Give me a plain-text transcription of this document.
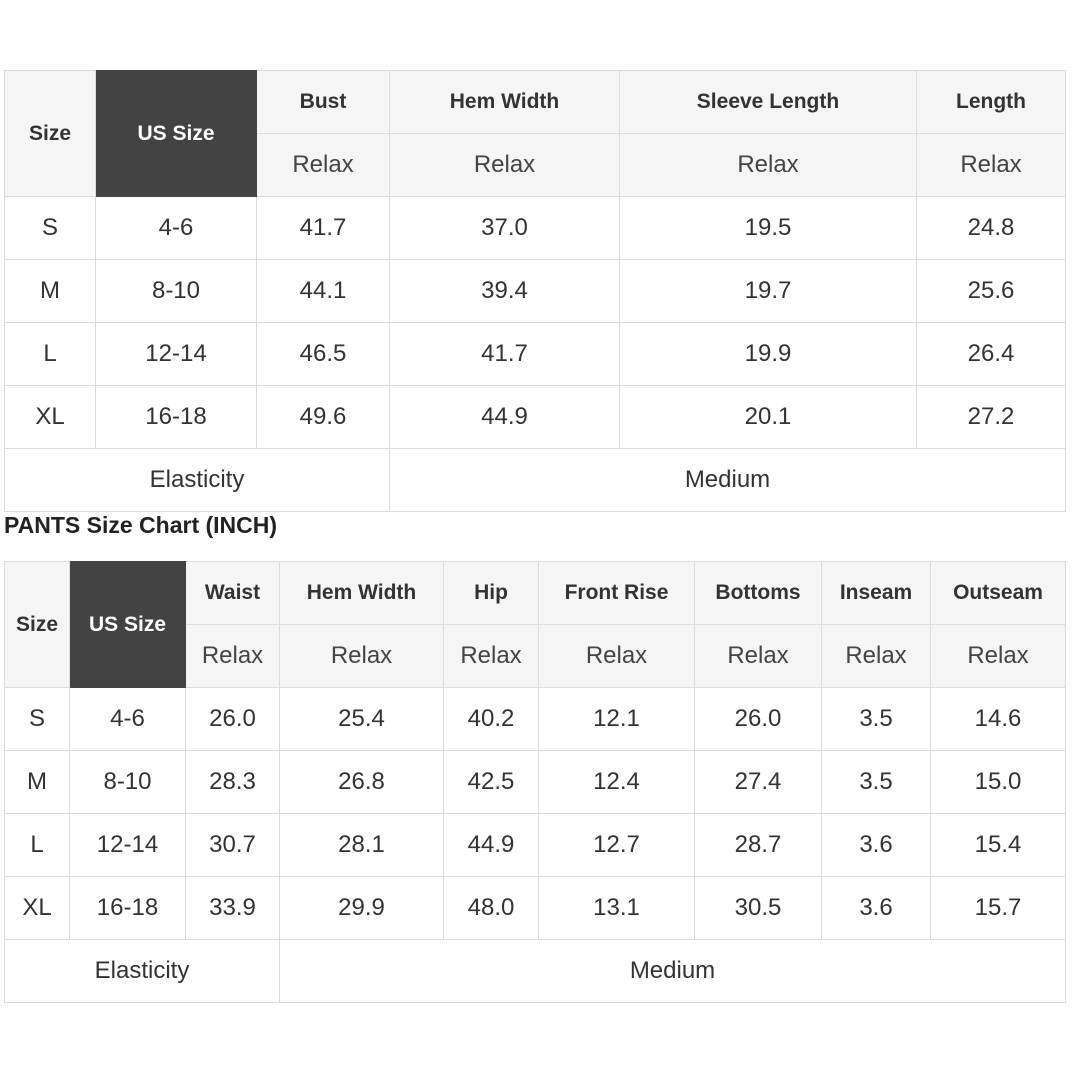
Size	US Size	Bust	Hem Width	Sleeve Length	Length
		Relax	Relax	Relax	Relax
S	4-6	41.7	37.0	19.5	24.8
M	8-10	44.1	39.4	19.7	25.6
L	12-14	46.5	41.7	19.9	26.4
XL	16-18	49.6	44.9	20.1	27.2
Elasticity			Medium		
PANTS Size Chart (INCH)
Size	US Size	Waist	Hem Width	Hip	Front Rise	Bottoms	Inseam	Outseam
		Relax	Relax	Relax	Relax	Relax	Relax	Relax
S	4-6	26.0	25.4	40.2	12.1	26.0	3.5	14.6
M	8-10	28.3	26.8	42.5	12.4	27.4	3.5	15.0
L	12-14	30.7	28.1	44.9	12.7	28.7	3.6	15.4
XL	16-18	33.9	29.9	48.0	13.1	30.5	3.6	15.7
Elasticity			Medium					
